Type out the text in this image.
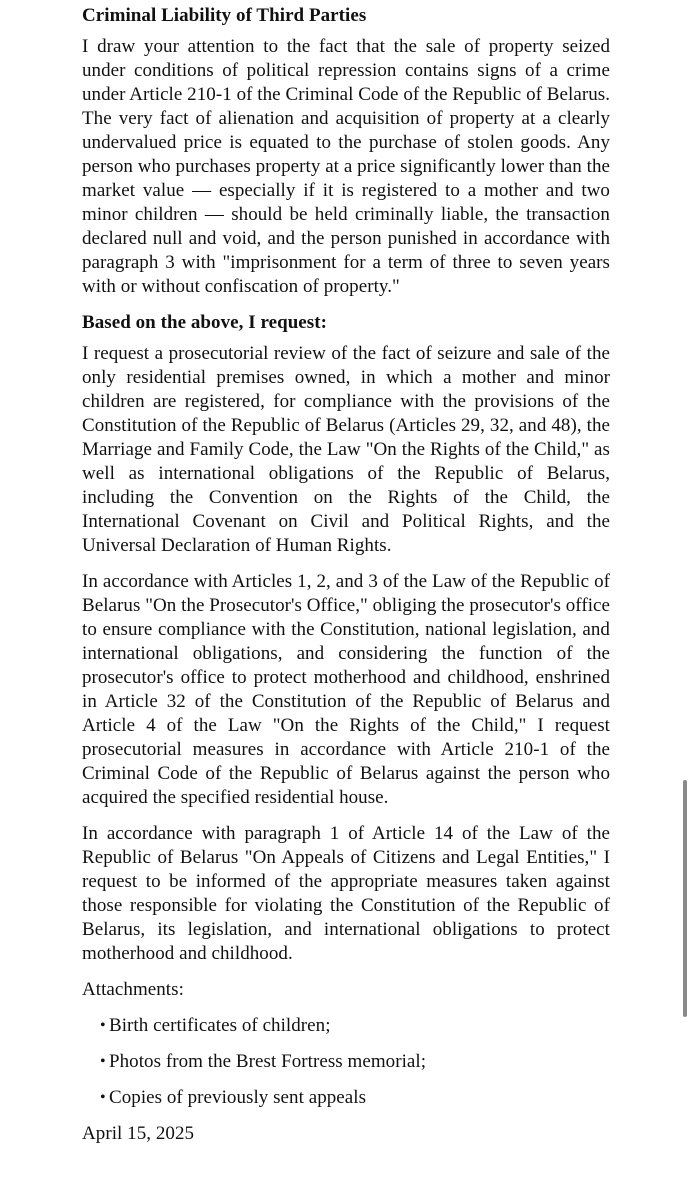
Criminal Liability of Third Parties

I draw your attention to the fact that the sale of property seized under conditions of political repression contains signs of a crime under Article 210-1 of the Criminal Code of the Republic of Belarus. The very fact of alienation and acquisition of property at a clearly undervalued price is equated to the purchase of stolen goods. Any person who purchases property at a price significantly lower than the market value — especially if it is registered to a mother and two minor children — should be held criminally liable, the transaction declared null and void, and the person punished in accordance with paragraph 3 with "imprisonment for a term of three to seven years with or without confiscation of property."

Based on the above, I request:

I request a prosecutorial review of the fact of seizure and sale of the only residential premises owned, in which a mother and minor children are registered, for compliance with the provisions of the Constitution of the Republic of Belarus (Articles 29, 32, and 48), the Marriage and Family Code, the Law "On the Rights of the Child," as well as international obligations of the Republic of Belarus, including the Convention on the Rights of the Child, the International Covenant on Civil and Political Rights, and the Universal Declaration of Human Rights.

In accordance with Articles 1, 2, and 3 of the Law of the Republic of Belarus "On the Prosecutor's Office," obliging the prosecutor's office to ensure compliance with the Constitution, national legislation, and international obligations, and considering the function of the prosecutor's office to protect motherhood and childhood, enshrined in Article 32 of the Constitution of the Republic of Belarus and Article 4 of the Law "On the Rights of the Child," I request prosecutorial measures in accordance with Article 210-1 of the Criminal Code of the Republic of Belarus against the person who acquired the specified residential house.

In accordance with paragraph 1 of Article 14 of the Law of the Republic of Belarus "On Appeals of Citizens and Legal Entities," I request to be informed of the appropriate measures taken against those responsible for violating the Constitution of the Republic of Belarus, its legislation, and international obligations to protect motherhood and childhood.

Attachments:
• Birth certificates of children;
• Photos from the Brest Fortress memorial;
• Copies of previously sent appeals
April 15, 2025
